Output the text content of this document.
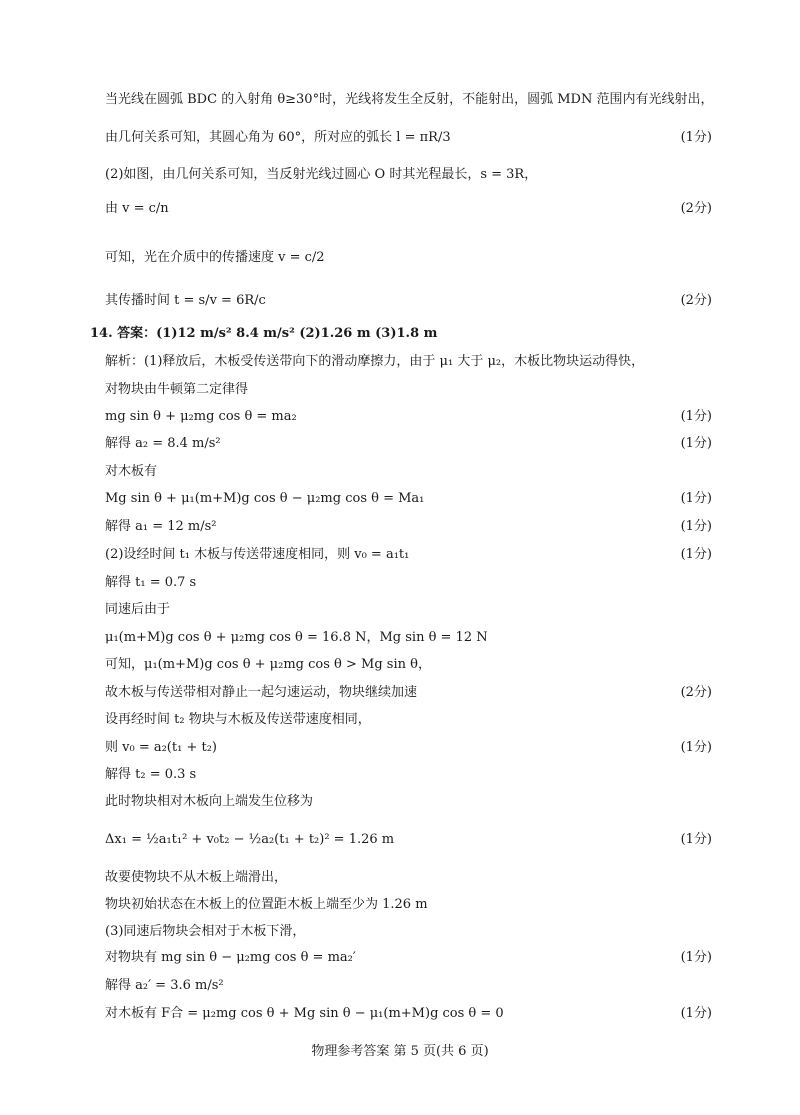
当光线在圆弧 BDC 的入射角 θ≥30°时，光线将发生全反射，不能射出，圆弧 MDN 范围内有光线射出，
由几何关系可知，其圆心角为 60°，所对应的弧长 l = πR/3	(1分)
(2)如图，由几何关系可知，当反射光线过圆心 O 时其光程最长，s = 3R，
由 v = c/n	(2分)
可知，光在介质中的传播速度 v = c/2
其传播时间 t = s/v = 6R/c	(2分)
14. 答案：(1)12 m/s² 8.4 m/s² (2)1.26 m (3)1.8 m
解析：(1)释放后，木板受传送带向下的滑动摩擦力，由于 μ₁ 大于 μ₂，木板比物块运动得快，
对物块由牛顿第二定律得
mg sin θ + μ₂mg cos θ = ma₂	(1分)
解得 a₂ = 8.4 m/s²	(1分)
对木板有
Mg sin θ + μ₁(m+M)g cos θ − μ₂mg cos θ = Ma₁	(1分)
解得 a₁ = 12 m/s²	(1分)
(2)设经时间 t₁ 木板与传送带速度相同，则 v₀ = a₁t₁	(1分)
解得 t₁ = 0.7 s
同速后由于
μ₁(m+M)g cos θ + μ₂mg cos θ = 16.8 N，Mg sin θ = 12 N
可知，μ₁(m+M)g cos θ + μ₂mg cos θ > Mg sin θ，
故木板与传送带相对静止一起匀速运动，物块继续加速	(2分)
设再经时间 t₂ 物块与木板及传送带速度相同，
则 v₀ = a₂(t₁ + t₂)	(1分)
解得 t₂ = 0.3 s
此时物块相对木板向上端发生位移为
Δx₁ = ½a₁t₁² + v₀t₂ − ½a₂(t₁ + t₂)² = 1.26 m	(1分)
故要使物块不从木板上端滑出，
物块初始状态在木板上的位置距木板上端至少为 1.26 m
(3)同速后物块会相对于木板下滑，
对物块有 mg sin θ − μ₂mg cos θ = ma₂′	(1分)
解得 a₂′ = 3.6 m/s²
对木板有 F合 = μ₂mg cos θ + Mg sin θ − μ₁(m+M)g cos θ = 0	(1分)
物理参考答案 第 5 页(共 6 页)
